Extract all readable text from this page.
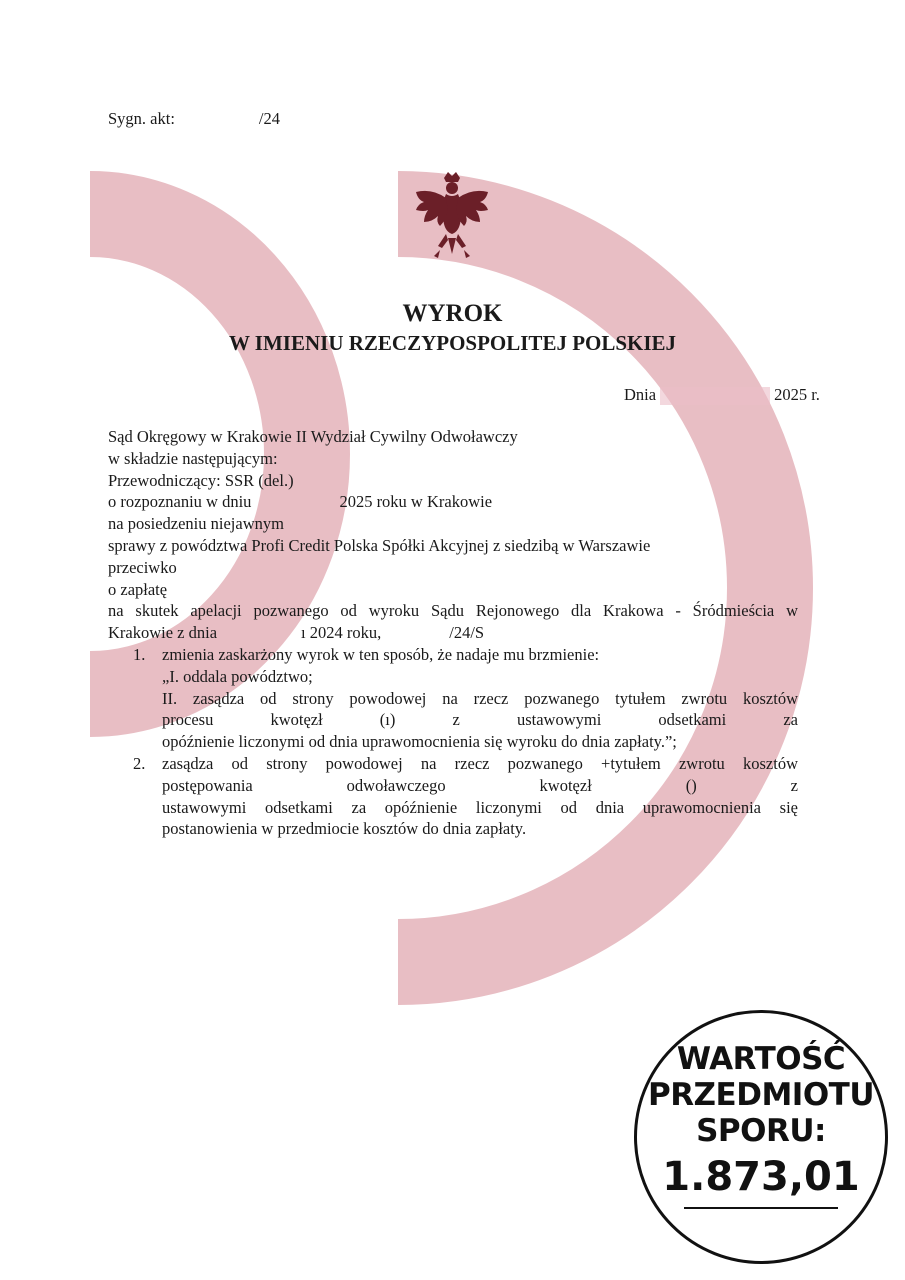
Sygn. akt:	/24
WYROK
W IMIENIU RZECZYPOSPOLITEJ POLSKIEJ
Dnia	2025 r.

Sąd Okręgowy w Krakowie II Wydział Cywilny Odwoławczy

w składzie następującym:

Przewodniczący: SSR (del.)

o rozpoznaniu w dniu	2025 roku w Krakowie

na posiedzeniu niejawnym

sprawy z powództwa Profi Credit Polska Spółki Akcyjnej z siedzibą w Warszawie

przeciwko

o zapłatę

na skutek apelacji pozwanego od wyroku Sądu Rejonowego dla Krakowa - Śródmieścia w

Krakowie z dnia	ı 2024 roku,	/24/S

1. zmienia zaskarżony wyrok w ten sposób, że nadaje mu brzmienie:

„I. oddala powództwo;

II. zasądza od strony powodowej na rzecz pozwanego tytułem zwrotu kosztów

procesu kwotęzł (ı) z ustawowymi odsetkami za

opóźnienie liczonymi od dnia uprawomocnienia się wyroku do dnia zapłaty.”;

2. zasądza od strony powodowej na rzecz pozwanego +tytułem zwrotu kosztów

postępowania odwoławczego kwotęzł () z

ustawowymi odsetkami za opóźnienie liczonymi od dnia uprawomocnienia się

postanowienia w przedmiocie kosztów do dnia zapłaty.

WARTOŚĆ
PRZEDMIOTU
SPORU:
1.873,01
